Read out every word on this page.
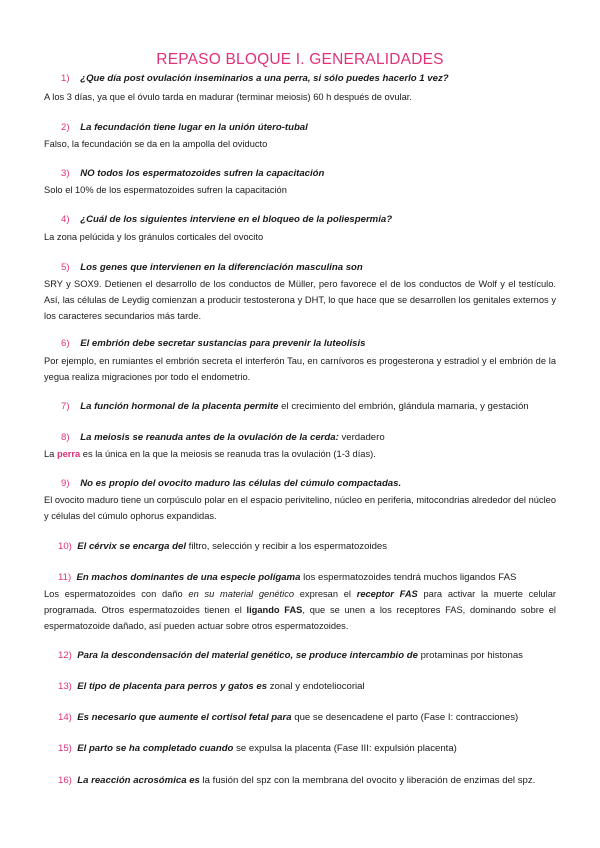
REPASO BLOQUE I. GENERALIDADES
1) ¿Que día post ovulación inseminarios a una perra, si sólo puedes hacerlo 1 vez?
A los 3 días, ya que el óvulo tarda en madurar (terminar meiosis) 60 h después de ovular.
2) La fecundación tiene lugar en la unión útero-tubal
Falso, la fecundación se da en la ampolla del oviducto
3) NO todos los espermatozoides sufren la capacitación
Solo el 10% de los espermatozoides sufren la capacitación
4) ¿Cuál de los siguientes interviene en el bloqueo de la poliespermia?
La zona pelúcida y los gránulos corticales del ovocito
5) Los genes que intervienen en la diferenciación masculina son
SRY y SOX9. Detienen el desarrollo de los conductos de Müller, pero favorece el de los conductos de Wolf y el testículo. Así, las células de Leydig comienzan a producir testosterona y DHT, lo que hace que se desarrollen los genitales externos y los caracteres secundarios más tarde.
6) El embrión debe secretar sustancias para prevenir la luteolisis
Por ejemplo, en rumiantes el embrión secreta el interferón Tau, en carnívoros es progesterona y estradiol y el embrión de la yegua realiza migraciones por todo el endometrio.
7) La función hormonal de la placenta permite el crecimiento del embrión, glándula mamaria, y gestación
8) La meiosis se reanuda antes de la ovulación de la cerda: verdadero
La perra es la única en la que la meiosis se reanuda tras la ovulación (1-3 días).
9) No es propio del ovocito maduro las células del cúmulo compactadas.
El ovocito maduro tiene un corpúsculo polar en el espacio perivitelino, núcleo en periferia, mitocondrias alrededor del núcleo y células del cúmulo ophorus expandidas.
10) El cérvix se encarga del filtro, selección y recibir a los espermatozoides
11) En machos dominantes de una especie polígama los espermatozoides tendrá muchos ligandos FAS
Los espermatozoides con daño en su material genético expresan el receptor FAS para activar la muerte celular programada. Otros espermatozoides tienen el ligando FAS, que se unen a los receptores FAS, dominando sobre el espermatozoide dañado, así pueden actuar sobre otros espermatozoides.
12) Para la descondensación del material genético, se produce intercambio de protaminas por histonas
13) El tipo de placenta para perros y gatos es zonal y endoteliocorial
14) Es necesario que aumente el cortisol fetal para que se desencadene el parto (Fase I: contracciones)
15) El parto se ha completado cuando se expulsa la placenta (Fase III: expulsión placenta)
16) La reacción acrosómica es la fusión del spz con la membrana del ovocito y liberación de enzimas del spz.
